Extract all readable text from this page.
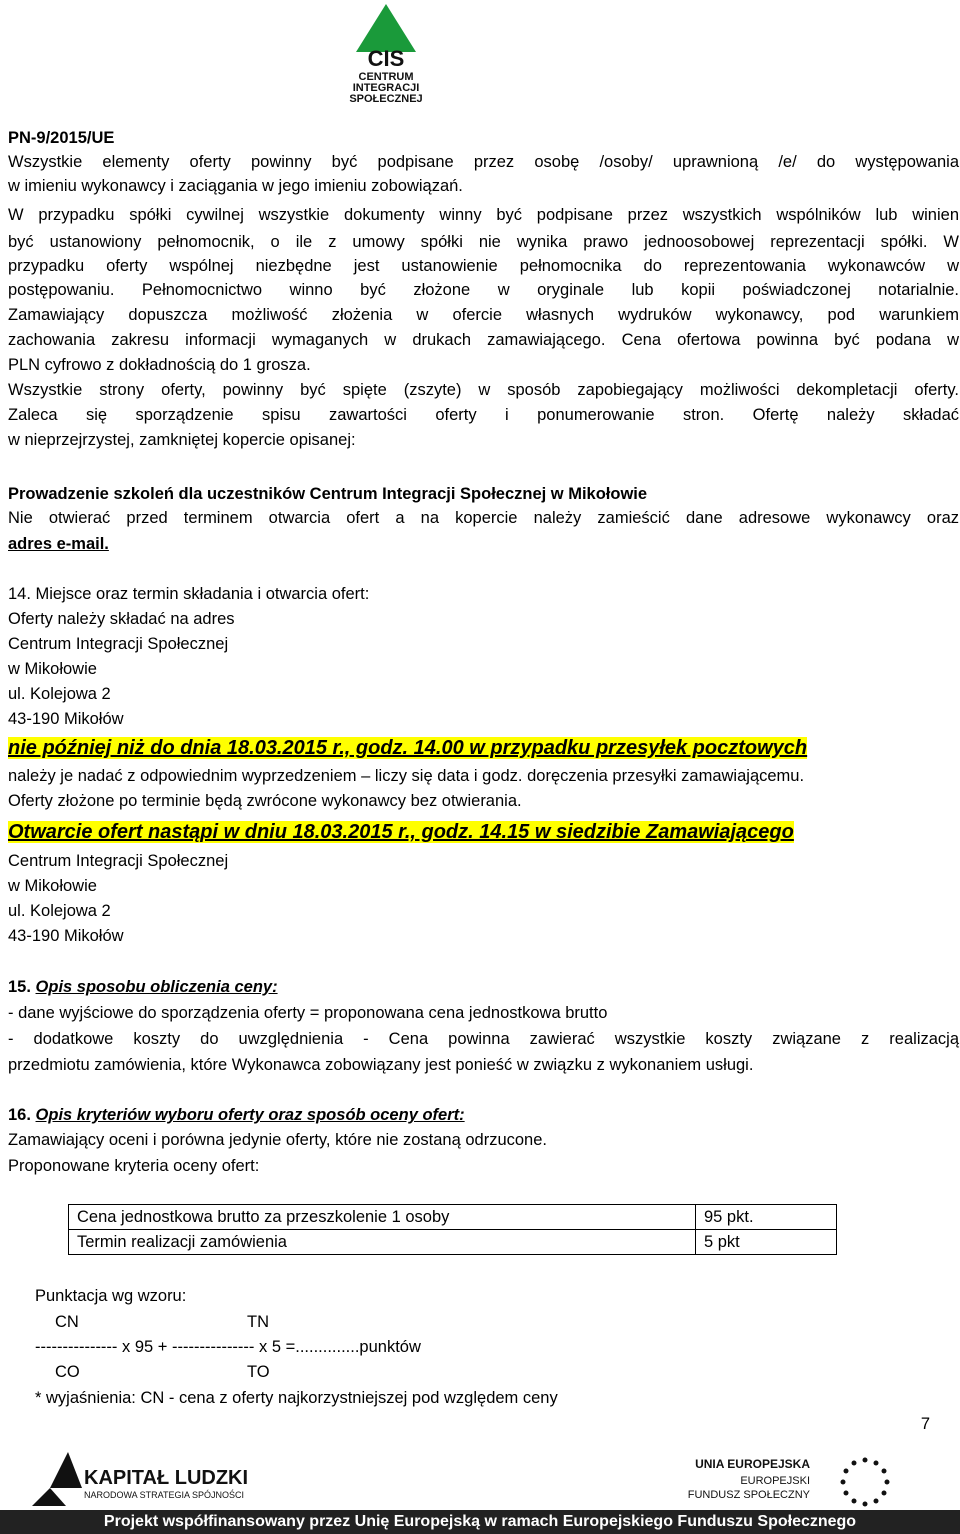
CIS
CENTRUM
INTEGRACJI
SPOŁECZNEJ
PN-9/2015/UE
Wszystkie elementy oferty powinny być podpisane przez osobę /osoby/ uprawnioną /e/ do występowania
w imieniu wykonawcy i zaciągania w jego imieniu zobowiązań.
W przypadku spółki cywilnej wszystkie dokumenty winny być podpisane przez wszystkich wspólników lub winien
być ustanowiony pełnomocnik, o ile z umowy spółki nie wynika prawo jednoosobowej reprezentacji spółki. W
przypadku oferty wspólnej niezbędne jest ustanowienie pełnomocnika do reprezentowania wykonawców w
postępowaniu. Pełnomocnictwo winno być złożone w oryginale lub kopii poświadczonej notarialnie.
Zamawiający dopuszcza możliwość złożenia w ofercie własnych wydruków wykonawcy, pod warunkiem
zachowania zakresu informacji wymaganych w drukach zamawiającego. Cena ofertowa powinna być podana w
PLN cyfrowo z dokładnością do 1 grosza.
Wszystkie strony oferty, powinny być spięte (zszyte) w sposób zapobiegający możliwości dekompletacji oferty.
Zaleca się sporządzenie spisu zawartości oferty i ponumerowanie stron. Ofertę należy składać
w nieprzejrzystej, zamkniętej kopercie opisanej:
Prowadzenie szkoleń dla uczestników Centrum Integracji Społecznej w Mikołowie
Nie otwierać przed terminem otwarcia ofert a na kopercie należy zamieścić dane adresowe wykonawcy oraz
adres e-mail.
14. Miejsce oraz termin składania i otwarcia ofert:
Oferty należy składać na adres
Centrum Integracji Społecznej
w Mikołowie
ul. Kolejowa 2
43-190 Mikołów
nie później niż do dnia 18.03.2015 r., godz. 14.00 w przypadku przesyłek pocztowych
należy je nadać z odpowiednim wyprzedzeniem – liczy się data i godz. doręczenia przesyłki zamawiającemu.
Oferty złożone po terminie będą zwrócone wykonawcy bez otwierania.
Otwarcie ofert nastąpi w dniu 18.03.2015 r., godz. 14.15 w siedzibie Zamawiającego
Centrum Integracji Społecznej
w Mikołowie
ul. Kolejowa 2
43-190 Mikołów
15. Opis sposobu obliczenia ceny:
- dane wyjściowe do sporządzenia oferty = proponowana cena jednostkowa brutto
- dodatkowe koszty do uwzględnienia - Cena powinna zawierać wszystkie koszty związane z realizacją
przedmiotu zamówienia, które Wykonawca zobowiązany jest ponieść w związku z wykonaniem usługi.
16. Opis kryteriów wyboru oferty oraz sposób oceny ofert:
Zamawiający oceni i porówna jedynie oferty, które nie zostaną odrzucone.
Proponowane kryteria oceny ofert:
Cena jednostkowa brutto za przeszkolenie 1 osoby	95 pkt.
Termin realizacji zamówienia	5 pkt
Punktacja wg wzoru:
CN	TN
--------------- x 95 + --------------- x 5 =..............punktów
CO	TO
* wyjaśnienia: CN - cena z oferty najkorzystniejszej pod względem ceny
7
KAPITAŁ LUDZKI
NARODOWA STRATEGIA SPÓJNOŚCI
UNIA EUROPEJSKA
EUROPEJSKI
FUNDUSZ SPOŁECZNY
Projekt współfinansowany przez Unię Europejską w ramach Europejskiego Funduszu Społecznego
